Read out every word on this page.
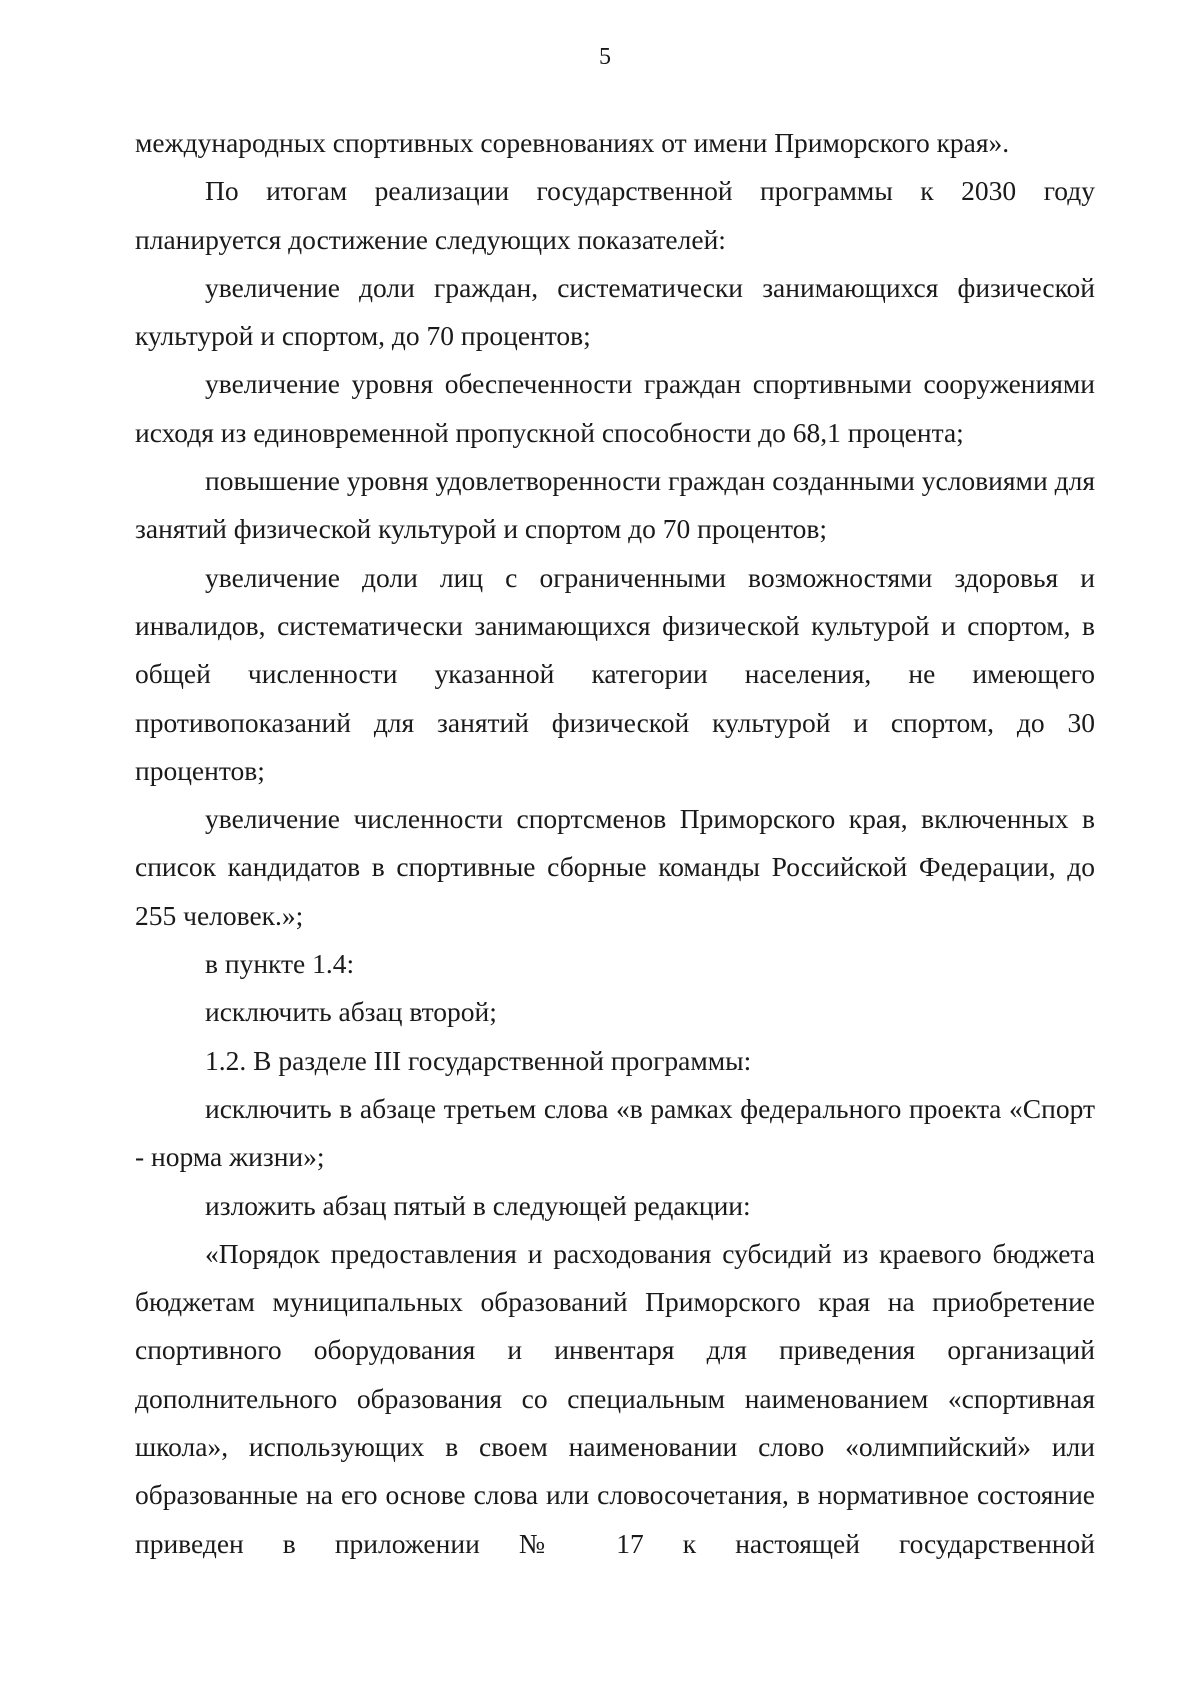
5

международных спортивных соревнованиях от имени Приморского края».

По итогам реализации государственной программы к 2030 году планируется достижение следующих показателей:

увеличение доли граждан, систематически занимающихся физической культурой и спортом, до 70 процентов;

увеличение уровня обеспеченности граждан спортивными сооружениями исходя из единовременной пропускной способности до 68,1 процента;

повышение уровня удовлетворенности граждан созданными условиями для занятий физической культурой и спортом до 70 процентов;

увеличение доли лиц с ограниченными возможностями здоровья и инвалидов, систематически занимающихся физической культурой и спортом, в общей численности указанной категории населения, не имеющего противопоказаний для занятий физической культурой и спортом, до 30 процентов;

увеличение численности спортсменов Приморского края, включенных в список кандидатов в спортивные сборные команды Российской Федерации, до 255 человек.»;

в пункте 1.4:

исключить абзац второй;

1.2. В разделе III государственной программы:

исключить в абзаце третьем слова «в рамках федерального проекта «Спорт - норма жизни»;

изложить абзац пятый в следующей редакции:

«Порядок предоставления и расходования субсидий из краевого бюджета бюджетам муниципальных образований Приморского края на приобретение спортивного оборудования и инвентаря для приведения организаций дополнительного образования со специальным наименованием «спортивная школа», использующих в своем наименовании слово «олимпийский» или образованные на его основе слова или словосочетания, в нормативное состояние приведен в приложении № 17 к настоящей государственной
